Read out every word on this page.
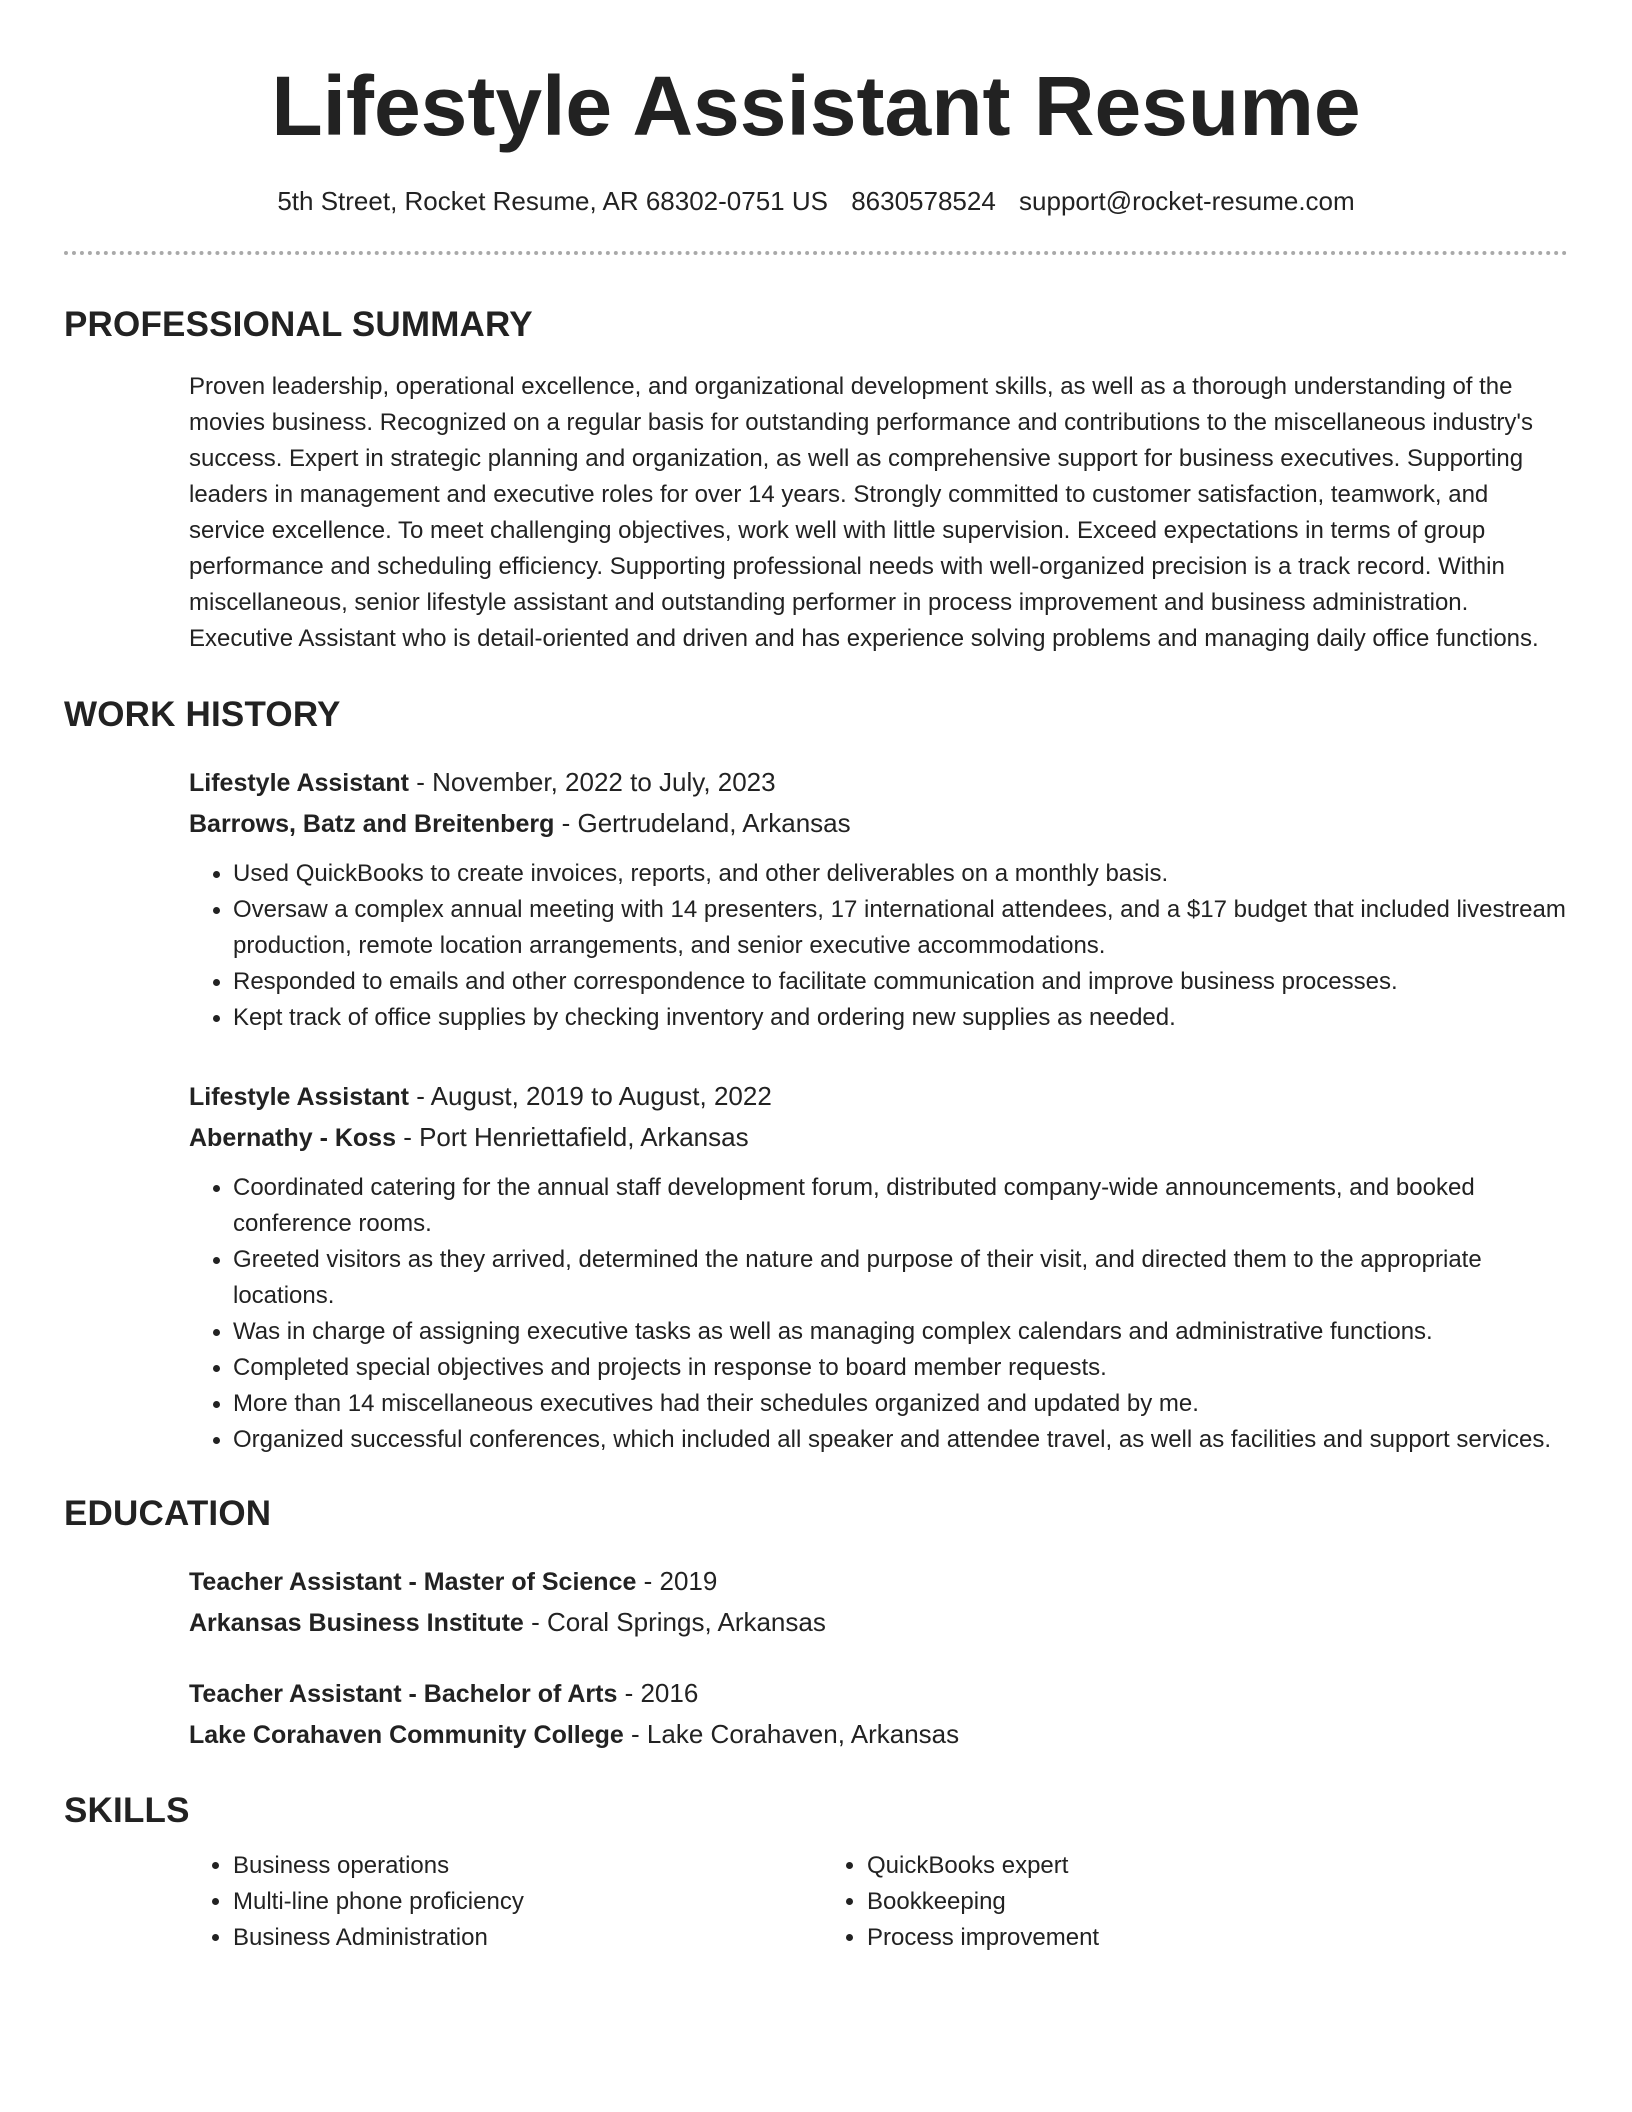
Lifestyle Assistant Resume
5th Street, Rocket Resume, AR 68302-0751 US 8630578524 support@rocket-resume.com
PROFESSIONAL SUMMARY

Proven leadership, operational excellence, and organizational development skills, as well as a thorough understanding of the movies business. Recognized on a regular basis for outstanding performance and contributions to the miscellaneous industry's success. Expert in strategic planning and organization, as well as comprehensive support for business executives. Supporting leaders in management and executive roles for over 14 years. Strongly committed to customer satisfaction, teamwork, and service excellence. To meet challenging objectives, work well with little supervision. Exceed expectations in terms of group performance and scheduling efficiency. Supporting professional needs with well-organized precision is a track record. Within miscellaneous, senior lifestyle assistant and outstanding performer in process improvement and business administration. Executive Assistant who is detail-oriented and driven and has experience solving problems and managing daily office functions.

WORK HISTORY
Lifestyle Assistant - November, 2022 to July, 2023
Barrows, Batz and Breitenberg - Gertrudeland, Arkansas
• Used QuickBooks to create invoices, reports, and other deliverables on a monthly basis.
• Oversaw a complex annual meeting with 14 presenters, 17 international attendees, and a $17 budget that included livestream production, remote location arrangements, and senior executive accommodations.
• Responded to emails and other correspondence to facilitate communication and improve business processes.
• Kept track of office supplies by checking inventory and ordering new supplies as needed.
Lifestyle Assistant - August, 2019 to August, 2022
Abernathy - Koss - Port Henriettafield, Arkansas
• Coordinated catering for the annual staff development forum, distributed company-wide announcements, and booked conference rooms.
• Greeted visitors as they arrived, determined the nature and purpose of their visit, and directed them to the appropriate locations.
• Was in charge of assigning executive tasks as well as managing complex calendars and administrative functions.
• Completed special objectives and projects in response to board member requests.
• More than 14 miscellaneous executives had their schedules organized and updated by me.
• Organized successful conferences, which included all speaker and attendee travel, as well as facilities and support services.
EDUCATION
Teacher Assistant - Master of Science - 2019
Arkansas Business Institute - Coral Springs, Arkansas
Teacher Assistant - Bachelor of Arts - 2016
Lake Corahaven Community College - Lake Corahaven, Arkansas
SKILLS
• Business operations
• Multi-line phone proficiency
• Business Administration
• QuickBooks expert
• Bookkeeping
• Process improvement
